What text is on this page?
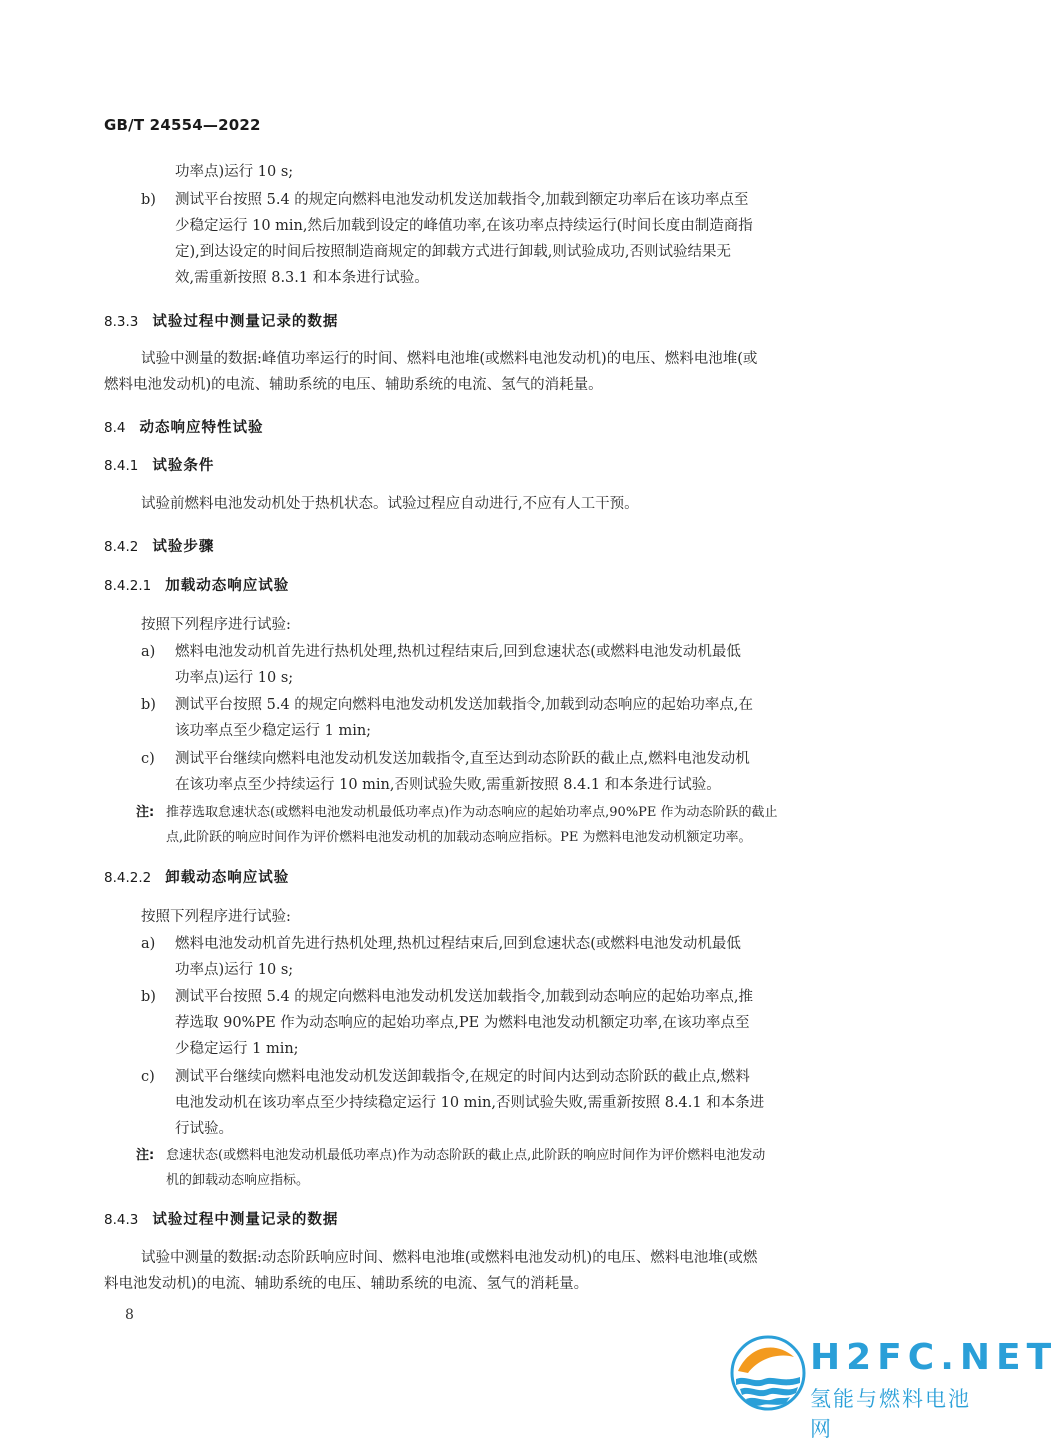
GB/T 24554—2022
功率点)运行 10 s;
b) 测试平台按照 5.4 的规定向燃料电池发动机发送加载指令,加载到额定功率后在该功率点至
少稳定运行 10 min,然后加载到设定的峰值功率,在该功率点持续运行(时间长度由制造商指
定),到达设定的时间后按照制造商规定的卸载方式进行卸载,则试验成功,否则试验结果无
效,需重新按照 8.3.1 和本条进行试验。
8.3.3 试验过程中测量记录的数据
试验中测量的数据:峰值功率运行的时间、燃料电池堆(或燃料电池发动机)的电压、燃料电池堆(或
燃料电池发动机)的电流、辅助系统的电压、辅助系统的电流、氢气的消耗量。
8.4 动态响应特性试验
8.4.1 试验条件
试验前燃料电池发动机处于热机状态。试验过程应自动进行,不应有人工干预。
8.4.2 试验步骤
8.4.2.1 加载动态响应试验
按照下列程序进行试验:
a) 燃料电池发动机首先进行热机处理,热机过程结束后,回到怠速状态(或燃料电池发动机最低
功率点)运行 10 s;
b) 测试平台按照 5.4 的规定向燃料电池发动机发送加载指令,加载到动态响应的起始功率点,在
该功率点至少稳定运行 1 min;
c) 测试平台继续向燃料电池发动机发送加载指令,直至达到动态阶跃的截止点,燃料电池发动机
在该功率点至少持续运行 10 min,否则试验失败,需重新按照 8.4.1 和本条进行试验。
注: 推荐选取怠速状态(或燃料电池发动机最低功率点)作为动态响应的起始功率点,90%PE 作为动态阶跃的截止
点,此阶跃的响应时间作为评价燃料电池发动机的加载动态响应指标。PE 为燃料电池发动机额定功率。
8.4.2.2 卸载动态响应试验
按照下列程序进行试验:
a) 燃料电池发动机首先进行热机处理,热机过程结束后,回到怠速状态(或燃料电池发动机最低
功率点)运行 10 s;
b) 测试平台按照 5.4 的规定向燃料电池发动机发送加载指令,加载到动态响应的起始功率点,推
荐选取 90%PE 作为动态响应的起始功率点,PE 为燃料电池发动机额定功率,在该功率点至
少稳定运行 1 min;
c) 测试平台继续向燃料电池发动机发送卸载指令,在规定的时间内达到动态阶跃的截止点,燃料
电池发动机在该功率点至少持续稳定运行 10 min,否则试验失败,需重新按照 8.4.1 和本条进
行试验。
注: 怠速状态(或燃料电池发动机最低功率点)作为动态阶跃的截止点,此阶跃的响应时间作为评价燃料电池发动
机的卸载动态响应指标。
8.4.3 试验过程中测量记录的数据
试验中测量的数据:动态阶跃响应时间、燃料电池堆(或燃料电池发动机)的电压、燃料电池堆(或燃
料电池发动机)的电流、辅助系统的电压、辅助系统的电流、氢气的消耗量。
8
H2FC.NET
氢能与燃料电池网
